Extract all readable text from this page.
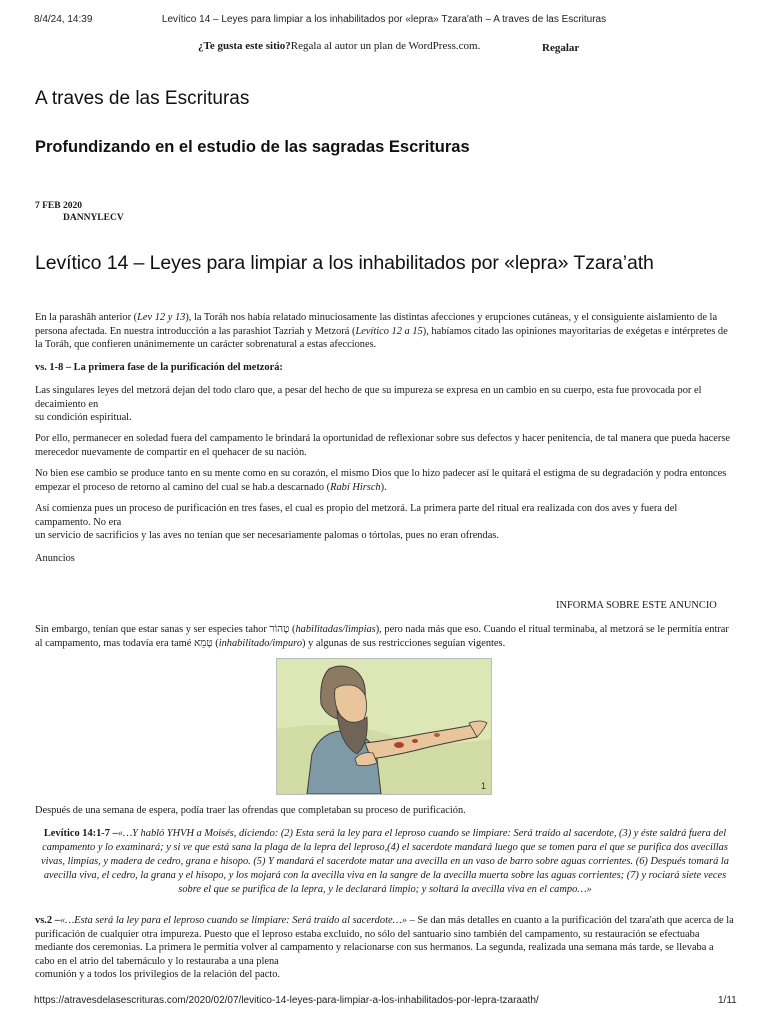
8/4/24, 14:39	Levítico 14 – Leyes para limpiar a los inhabilitados por «lepra» Tzara'ath – A traves de las Escrituras
¿Te gusta este sitio?Regala al autor un plan de WordPress.com.	Regalar
A traves de las Escrituras
Profundizando en el estudio de las sagradas Escrituras
7 FEB 2020
DANNYLECV
Levítico 14 – Leyes para limpiar a los inhabilitados por «lepra» Tzara’ath

En la parashâh anterior (Lev 12 y 13), la Toráh nos había relatado minuciosamente las distintas afecciones y erupciones cutáneas, y el consiguiente aislamiento de la persona afectada. En nuestra introducción a las parashiot Tazriah y Metzorá (Levítico 12 a 15), habíamos citado las opiniones mayoritarias de exégetas e intérpretes de la Toráh, que confieren unánimemente un carácter sobrenatural a estas afecciones.

vs. 1-8 – La primera fase de la purificación del metzorá:

Las singulares leyes del metzorá dejan del todo claro que, a pesar del hecho de que su impureza se expresa en un cambio en su cuerpo, esta fue provocada por el decaimiento en
su condición espiritual.

Por ello, permanecer en soledad fuera del campamento le brindará la oportunidad de reflexionar sobre sus defectos y hacer penitencia, de tal manera que pueda hacerse merecedor nuevamente de compartir en el quehacer de su nación.

No bien ese cambio se produce tanto en su mente como en su corazón, el mismo Dios que lo hizo padecer así le quitará el estigma de su degradación y podra entonces empezar el proceso de retorno al camino del cual se hab.a descarnado (Rabí Hirsch).

Así comienza pues un proceso de purificación en tres fases, el cual es propio del metzorá. La primera parte del ritual era realizada con dos aves y fuera del campamento. No era
un servicio de sacrificios y las aves no tenían que ser necesariamente palomas o tórtolas, pues no eran ofrendas.

Anuncios

INFORMA SOBRE ESTE ANUNCIO

Sin embargo, tenían que estar sanas y ser especies tahor טָהוֹר (habilitadas/limpias), pero nada más que eso. Cuando el ritual terminaba, al metzorá se le permitía entrar al campamento, mas todavía era tamé טָמֵא (inhabilitado/impuro) y algunas de sus restricciones seguían vigentes.

1

Después de una semana de espera, podía traer las ofrendas que completaban su proceso de purificación.

Levítico 14:1-7 –«…Y habló YHVH a Moisés, diciendo: (2) Esta será la ley para el leproso cuando se limpiare: Será traído al sacerdote, (3) y éste saldrá fuera del campamento y lo examinará; y si ve que está sana la plaga de la lepra del leproso,(4) el sacerdote mandará luego que se tomen para el que se purifica dos avecillas vivas, limpias, y madera de cedro, grana e hisopo. (5) Y mandará el sacerdote matar una avecilla en un vaso de barro sobre aguas corrientes. (6) Después tomará la avecilla viva, el cedro, la grana y el hisopo, y los mojará con la avecilla viva en la sangre de la avecilla muerta sobre las aguas corrientes; (7) y rociará siete veces sobre el que se purifica de la lepra, y le declarará limpio; y soltará la avecilla viva en el campo…»

vs.2 –«…Esta será la ley para el leproso cuando se limpiare: Será traído al sacerdote…» – Se dan más detalles en cuanto a la purificación del tzara'ath que acerca de la purificación de cualquier otra impureza. Puesto que el leproso estaba excluido, no sólo del santuario sino también del campamento, su restauración se efectuaba mediante dos ceremonias. La primera le permitía volver al campamento y relacionarse con sus hermanos. La segunda, realizada una semana más tarde, se llevaba a cabo en el atrio del tabernáculo y lo restauraba a una plena
comunión y a todos los privilegios de la relación del pacto.

https://atravesdelasescrituras.com/2020/02/07/levitico-14-leyes-para-limpiar-a-los-inhabilitados-por-lepra-tzaraath/	1/11
